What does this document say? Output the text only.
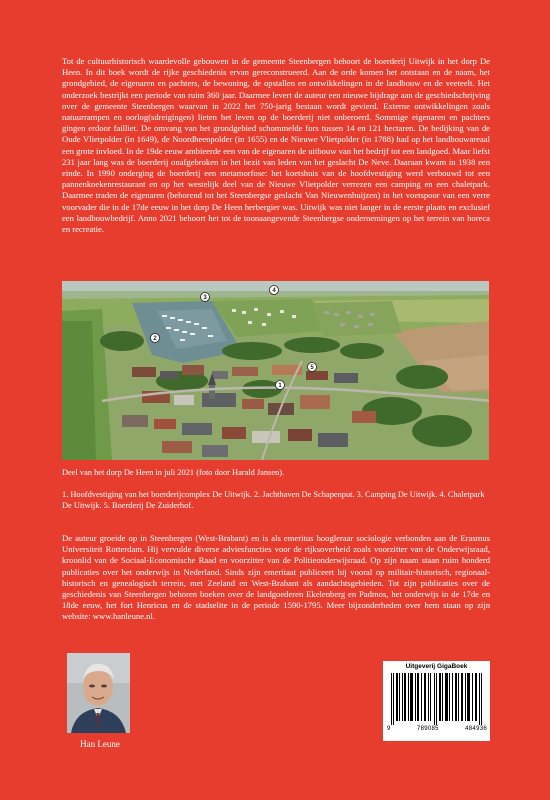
Tot de cultuurhistorisch waardevolle gebouwen in de gemeente Steenbergen behoort de boerderij Uitwijk in het dorp De Heen. In dit boek wordt de rijke geschiedenis ervan gereconstrueerd. Aan de orde komen het ontstaan en de naam, het grondgebied, de eigenaren en pachters, de bewoning, de opstallen en ontwikkelingen in de landbouw en de veeteelt. Het onderzoek bestrijkt een periode van ruim 360 jaar. Daarmee levert de auteur een nieuwe bijdrage aan de geschiedschrijving over de gemeente Steenbergen waarvan in 2022 het 750-jarig bestaan wordt gevierd. Externe ontwikkelingen zoals natuurrampen en oorlog(sdreigingen) lieten het leven op de boerderij niet onberoerd. Sommige eigenaren en pachters gingen erdoor failliet. De omvang van het grondgebied schommelde fors tussen 14 en 121 hectaren. De bedijking van de Oude Vlietpolder (in 1649), de Noordheenpolder (in 1655) en de Nieuwe Vlietpolder (in 1788) had op het landbouwareaal een grote invloed. In de 19de eeuw ambieerde een van de eigenaren de uitbouw van het bedrijf tot een landgoed. Maar liefst 231 jaar lang was de boerderij onafgebroken in het bezit van leden van het geslacht De Neve. Daaraan kwam in 1938 een einde. In 1990 onderging de boerderij een metamorfose: het koetshuis van de hoofdvestiging werd verbouwd tot een pannenkoekenrestaurant en op het westelijk deel van de Nieuwe Vlietpolder verrezen een camping en een chaletpark. Daarmee traden de eigenaren (behorend tot het Steenbergse geslacht Van Nieuwenhuijzen) in het voetspoor van een verre voorvader die in de 17de eeuw in het dorp De Heen herbergier was. Uitwijk was niet langer in de eerste plaats en exclusief een landbouwbedrijf. Anno 2021 behoort het tot de toonaangevende Steenbergse ondernemingen op het terrein van horeca en recreatie.

1
2
3
4
5

Deel van het dorp De Heen in juli 2021 (foto door Harald Jansen).

1. Hoofdvestiging van het boerderijcomplex De Uitwijk. 2. Jachthaven De Schapenput. 3. Camping De Uitwijk. 4. Chaletpark De Uitwijk. 5. Boerderij De Zuiderhof.

De auteur groeide op in Steenbergen (West-Brabant) en is als emeritus hoogleraar sociologie verbonden aan de Erasmus Universiteit Rotterdam. Hij vervulde diverse adviesfuncties voor de rijksoverheid zoals voorzitter van de Onderwijsraad, kroonlid van de Sociaal-Economische Raad en voorzitter van de Politieonderwijsraad. Op zijn naam staan ruim honderd publicaties over het onderwijs in Nederland. Sinds zijn emeritaat publiceert hij vooral op militair-historisch, regionaal-historisch en genealogisch terrein, met Zeeland en West-Brabant als aandachtsgebieden. Tot zijn publicaties over de geschiedenis van Steenbergen behoren boeken over de landgoederen Ekelenberg en Padmos, het onderwijs in de 17de en 18de eeuw, het fort Henricus en de stadselite in de periode 1590-1795. Meer bijzonderheden over hem staan op zijn website: www.hanleune.nl.

Han Leune
Uitgeverij GigaBoek
9	789085	484936
